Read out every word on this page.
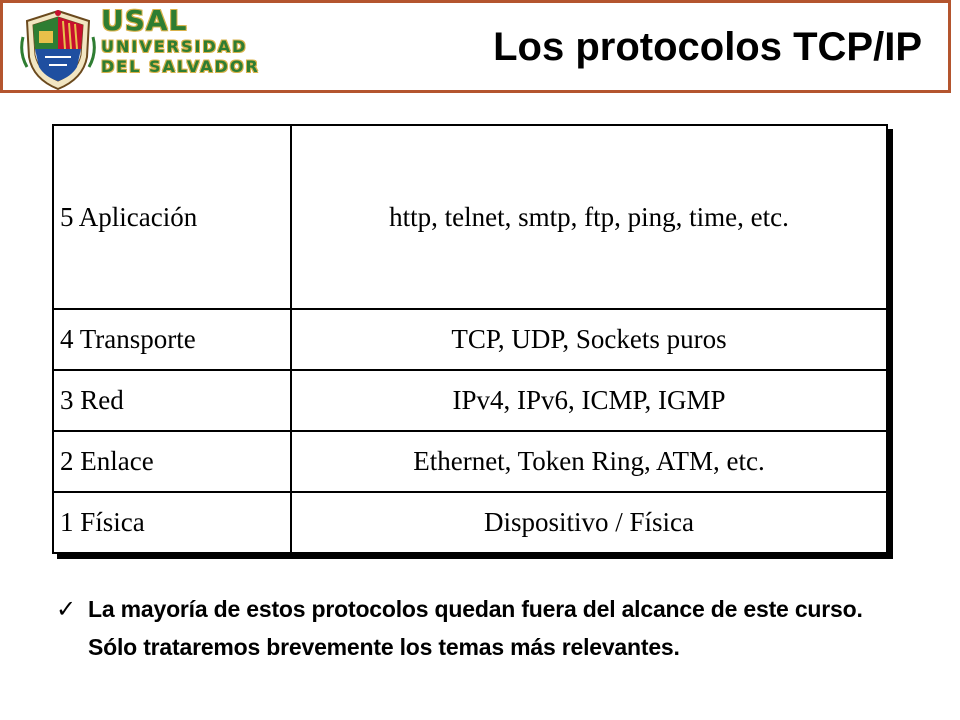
USAL
UNIVERSIDAD
DEL SALVADOR	Los protocolos TCP/IP
5 Aplicación	http, telnet, smtp, ftp, ping, time, etc.
4 Transporte	TCP, UDP, Sockets puros
3 Red	IPv4, IPv6, ICMP, IGMP
2 Enlace	Ethernet, Token Ring, ATM, etc.
1 Física	Dispositivo / Física
✓ La mayoría de estos protocolos quedan fuera del alcance de este curso. Sólo trataremos brevemente los temas más relevantes.
